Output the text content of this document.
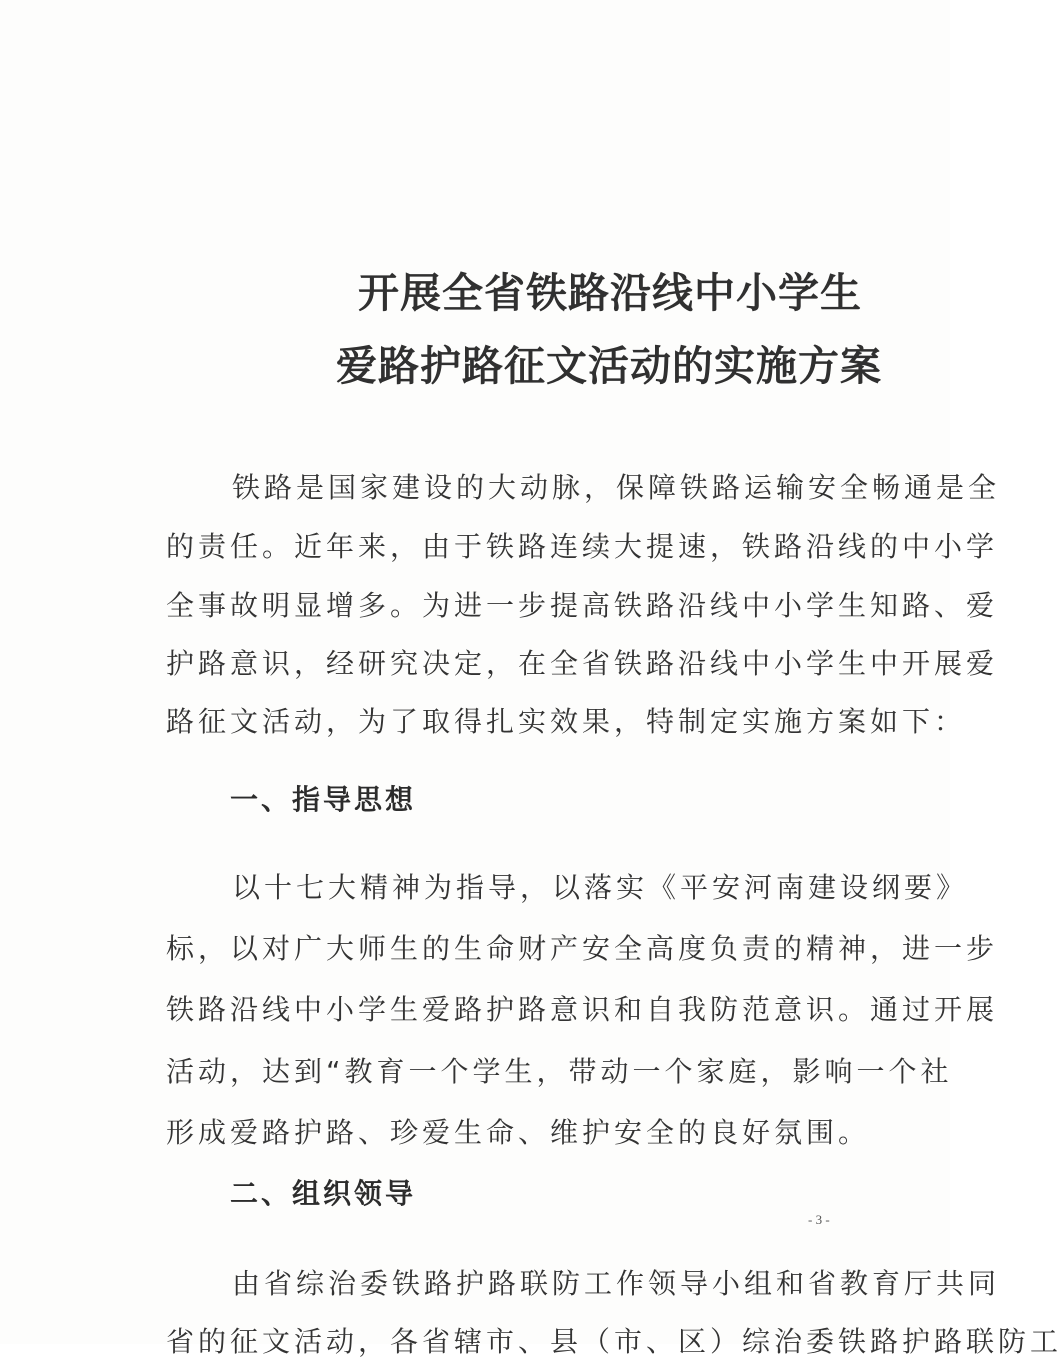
开展全省铁路沿线中小学生
爱路护路征文活动的实施方案
铁路是国家建设的大动脉，保障铁路运输安全畅通是全
的责任。近年来，由于铁路连续大提速，铁路沿线的中小学
全事故明显增多。为进一步提高铁路沿线中小学生知路、爱
护路意识，经研究决定，在全省铁路沿线中小学生中开展爱
路征文活动，为了取得扎实效果，特制定实施方案如下：
一、指导思想
以十七大精神为指导，以落实《平安河南建设纲要》
标，以对广大师生的生命财产安全高度负责的精神，进一步
铁路沿线中小学生爱路护路意识和自我防范意识。通过开展
活动，达到“教育一个学生，带动一个家庭，影响一个社
形成爱路护路、珍爱生命、维护安全的良好氛围。
二、组织领导
- 3 -
由省综治委铁路护路联防工作领导小组和省教育厅共同
省的征文活动，各省辖市、县（市、区）综治委铁路护路联防工
